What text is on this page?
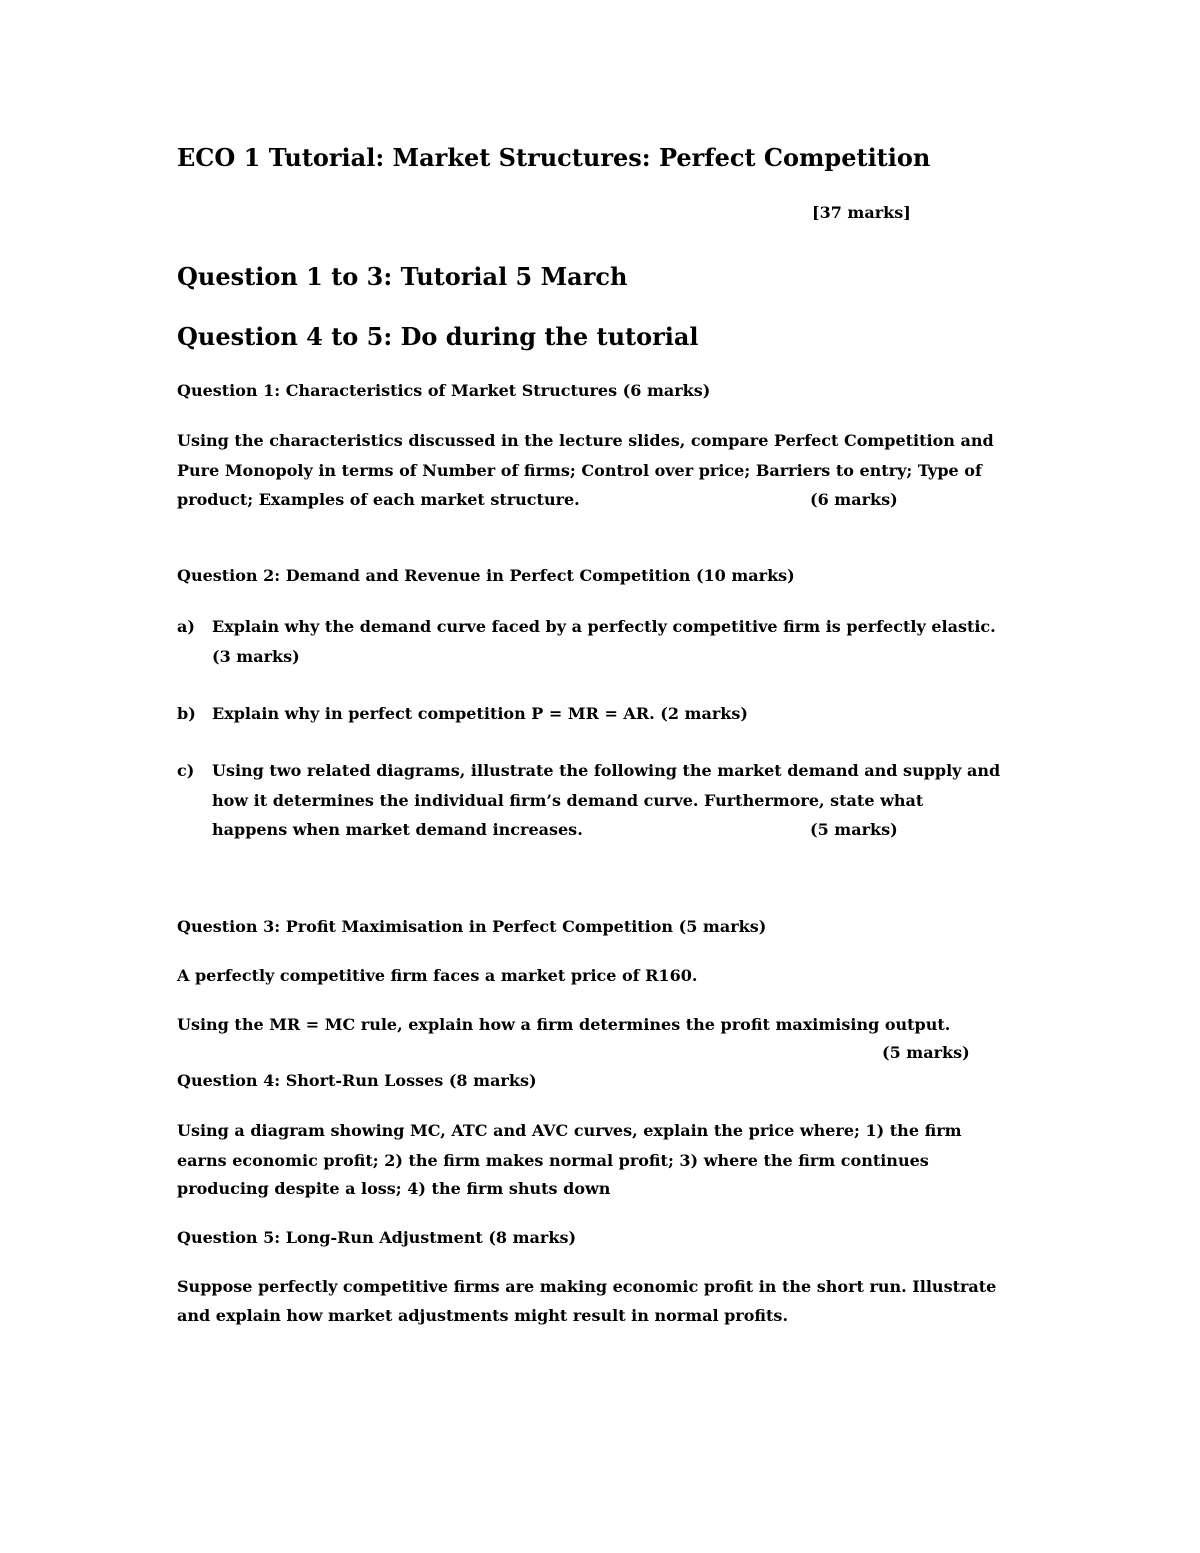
ECO 1 Tutorial: Market Structures: Perfect Competition
[37 marks]
Question 1 to 3: Tutorial 5 March
Question 4 to 5: Do during the tutorial
Question 1: Characteristics of Market Structures (6 marks)
Using the characteristics discussed in the lecture slides, compare Perfect Competition and
Pure Monopoly in terms of Number of firms; Control over price; Barriers to entry; Type of
product; Examples of each market structure.	(6 marks)
Question 2: Demand and Revenue in Perfect Competition (10 marks)
a) Explain why the demand curve faced by a perfectly competitive firm is perfectly elastic.
(3 marks)
b) Explain why in perfect competition P = MR = AR. (2 marks)
c) Using two related diagrams, illustrate the following the market demand and supply and
how it determines the individual firm’s demand curve. Furthermore, state what
happens when market demand increases.	(5 marks)
Question 3: Profit Maximisation in Perfect Competition (5 marks)
A perfectly competitive firm faces a market price of R160.
Using the MR = MC rule, explain how a firm determines the profit maximising output.
(5 marks)
Question 4: Short-Run Losses (8 marks)
Using a diagram showing MC, ATC and AVC curves, explain the price where; 1) the firm
earns economic profit; 2) the firm makes normal profit; 3) where the firm continues
producing despite a loss; 4) the firm shuts down
Question 5: Long-Run Adjustment (8 marks)
Suppose perfectly competitive firms are making economic profit in the short run. Illustrate
and explain how market adjustments might result in normal profits.
